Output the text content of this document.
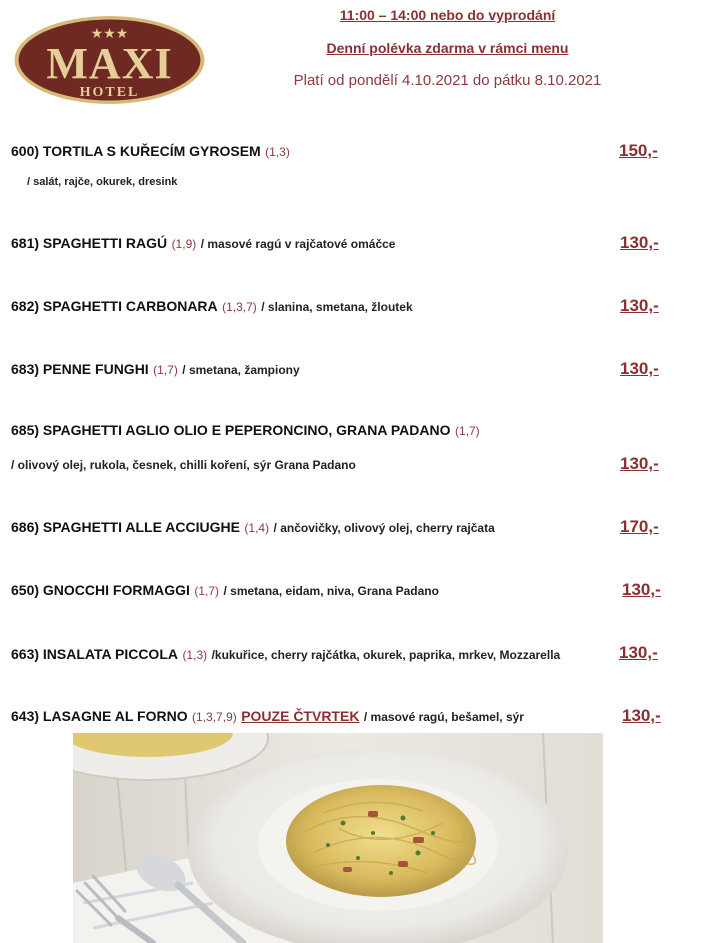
★★★
MAXI
HOTEL
11:00 – 14:00 nebo do vyprodání
Denní polévka zdarma v rámci menu
Platí od pondělí 4.10.2021 do pátku 8.10.2021
600) TORTILA S KUŘECÍM GYROSEM (1,3)	150,-
/ salát, rajče, okurek, dresink
681) SPAGHETTI RAGÚ (1,9) / masové ragú v rajčatové omáčce	130,-
682) SPAGHETTI CARBONARA (1,3,7) / slanina, smetana, žloutek	130,-
683) PENNE FUNGHI (1,7) / smetana, žampiony	130,-
685) SPAGHETTI AGLIO OLIO E PEPERONCINO, GRANA PADANO (1,7)
/ olivový olej, rukola, česnek, chilli koření, sýr Grana Padano	130,-
686) SPAGHETTI ALLE ACCIUGHE (1,4) / ančovičky, olivový olej, cherry rajčata	170,-
650) GNOCCHI FORMAGGI (1,7) / smetana, eidam, niva, Grana Padano	130,-
663) INSALATA PICCOLA (1,3) /kukuřice, cherry rajčátka, okurek, paprika, mrkev, Mozzarella	130,-
643) LASAGNE AL FORNO (1,3,7,9) POUZE ČTVRTEK / masové ragú, bešamel, sýr	130,-
